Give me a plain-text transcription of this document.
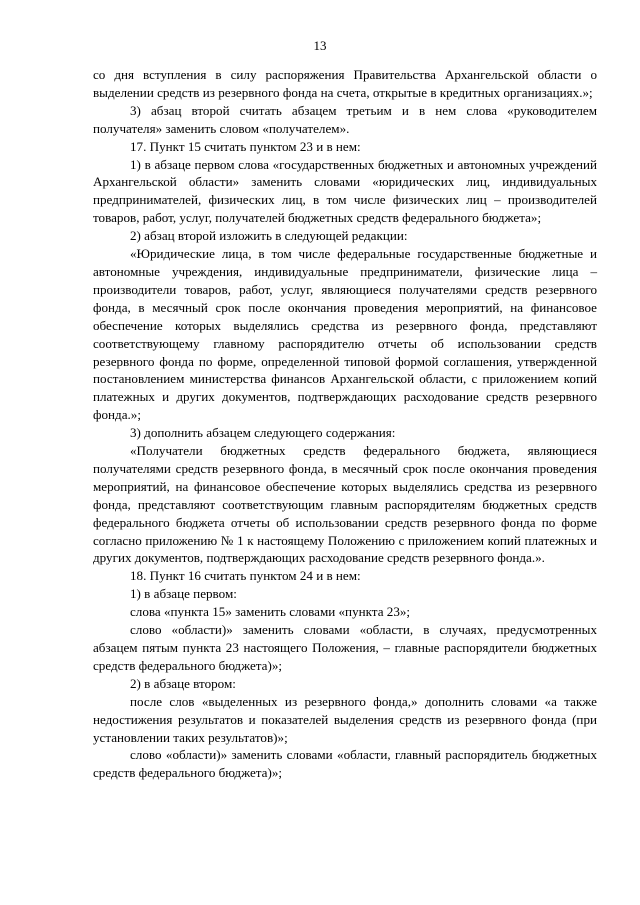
13

со дня вступления в силу распоряжения Правительства Архангельской области о выделении средств из резервного фонда на счета, открытые в кредитных организациях.»;

3) абзац второй считать абзацем третьим и в нем слова «руководителем получателя» заменить словом «получателем».

17. Пункт 15 считать пунктом 23 и в нем:

1) в абзаце первом слова «государственных бюджетных и автономных учреждений Архангельской области» заменить словами «юридических лиц, индивидуальных предпринимателей, физических лиц, в том числе физических лиц – производителей товаров, работ, услуг, получателей бюджетных средств федерального бюджета»;

2) абзац второй изложить в следующей редакции:

«Юридические лица, в том числе федеральные государственные бюджетные и автономные учреждения, индивидуальные предприниматели, физические лица – производители товаров, работ, услуг, являющиеся получателями средств резервного фонда, в месячный срок после окончания проведения мероприятий, на финансовое обеспечение которых выделялись средства из резервного фонда, представляют соответствующему главному распорядителю отчеты об использовании средств резервного фонда по форме, определенной типовой формой соглашения, утвержденной постановлением министерства финансов Архангельской области, с приложением копий платежных и других документов, подтверждающих расходование средств резервного фонда.»;

3) дополнить абзацем следующего содержания:

«Получатели бюджетных средств федерального бюджета, являющиеся получателями средств резервного фонда, в месячный срок после окончания проведения мероприятий, на финансовое обеспечение которых выделялись средства из резервного фонда, представляют соответствующим главным распорядителям бюджетных средств федерального бюджета отчеты об использовании средств резервного фонда по форме согласно приложению № 1 к настоящему Положению с приложением копий платежных и других документов, подтверждающих расходование средств резервного фонда.».

18. Пункт 16 считать пунктом 24 и в нем:

1) в абзаце первом:

слова «пункта 15» заменить словами «пункта 23»;

слово «области)» заменить словами «области, в случаях, предусмотренных абзацем пятым пункта 23 настоящего Положения, – главные распорядители бюджетных средств федерального бюджета)»;

2) в абзаце втором:

после слов «выделенных из резервного фонда,» дополнить словами «а также недостижения результатов и показателей выделения средств из резервного фонда (при установлении таких результатов)»;

слово «области)» заменить словами «области, главный распорядитель бюджетных средств федерального бюджета)»;
